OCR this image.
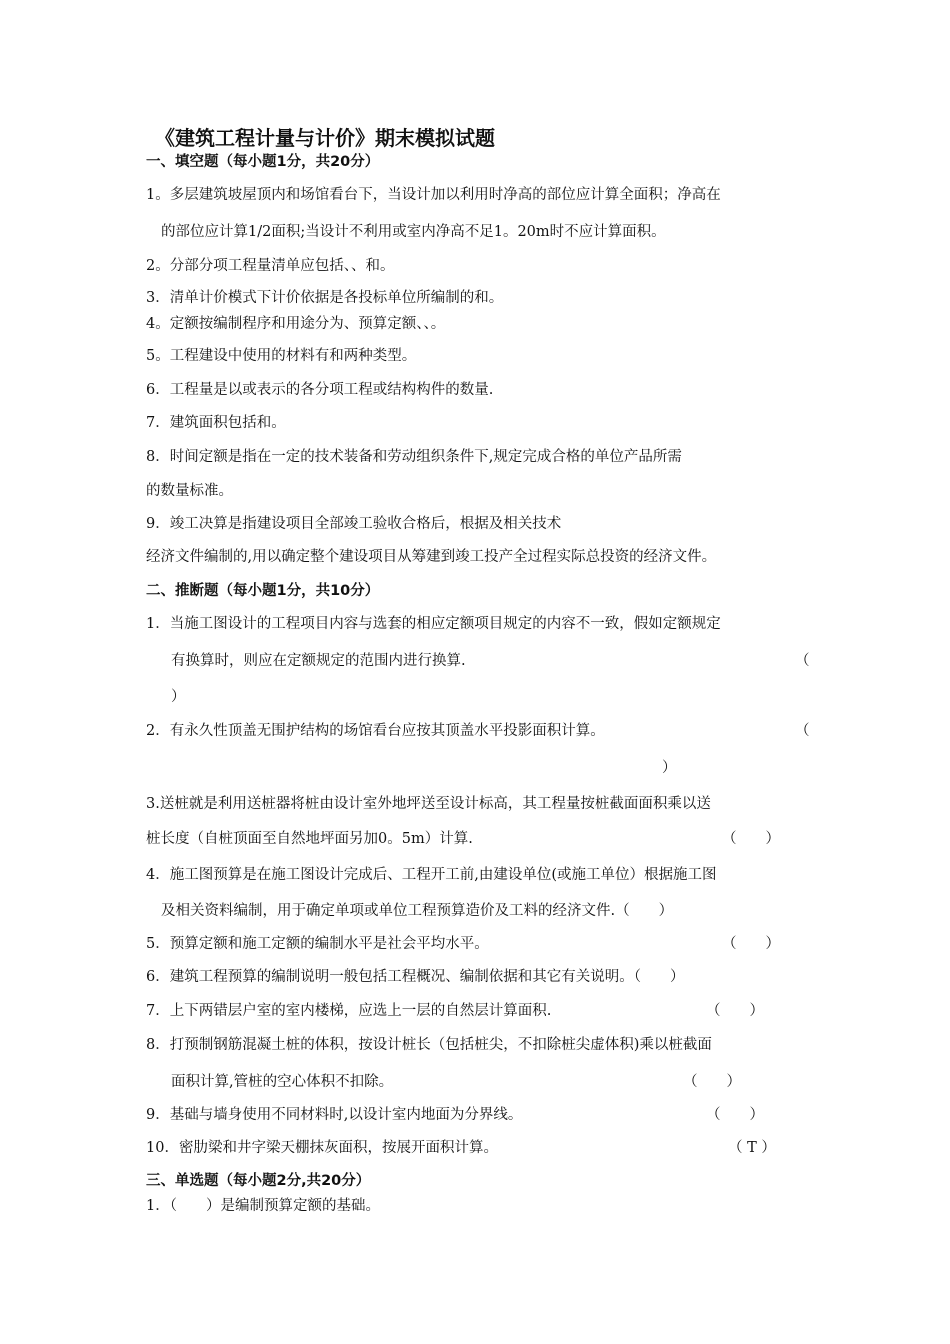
《建筑工程计量与计价》期末模拟试题
一、填空题（每小题1分，共20分）
1。多层建筑坡屋顶内和场馆看台下，当设计加以利用时净高的部位应计算全面积；净高在
的部位应计算1/2面积;当设计不利用或室内净高不足1。20m时不应计算面积。
2。分部分项工程量清单应包括、、和。
3．清单计价模式下计价依据是各投标单位所编制的和。
4。定额按编制程序和用途分为、预算定额、、。
5。工程建设中使用的材料有和两种类型。
6．工程量是以或表示的各分项工程或结构构件的数量.
7．建筑面积包括和。
8．时间定额是指在一定的技术装备和劳动组织条件下,规定完成合格的单位产品所需
的数量标准。
9．竣工决算是指建设项目全部竣工验收合格后，根据及相关技术
经济文件编制的,用以确定整个建设项目从筹建到竣工投产全过程实际总投资的经济文件。
二、推断题（每小题1分，共10分）
1．当施工图设计的工程项目内容与选套的相应定额项目规定的内容不一致，假如定额规定
有换算时，则应在定额规定的范围内进行换算.	（
）
2．有永久性顶盖无围护结构的场馆看台应按其顶盖水平投影面积计算。	（
）
3.送桩就是利用送桩器将桩由设计室外地坪送至设计标高，其工程量按桩截面面积乘以送
桩长度（自桩顶面至自然地坪面另加0。5m）计算.	（　　）
4．施工图预算是在施工图设计完成后、工程开工前,由建设单位(或施工单位）根据施工图
及相关资料编制，用于确定单项或单位工程预算造价及工料的经济文件.（　　）
5．预算定额和施工定额的编制水平是社会平均水平。	（　　）
6．建筑工程预算的编制说明一般包括工程概况、编制依据和其它有关说明。（　　）
7．上下两错层户室的室内楼梯，应选上一层的自然层计算面积.	（　　）
8．打预制钢筋混凝土桩的体积，按设计桩长（包括桩尖，不扣除桩尖虚体积)乘以桩截面
面积计算,管桩的空心体积不扣除。	（　　）
9．基础与墙身使用不同材料时,以设计室内地面为分界线。	（　　）
10．密肋梁和井字梁天棚抹灰面积，按展开面积计算。	（ T ）
三、单选题（每小题2分,共20分）
1．（　　）是编制预算定额的基础。
